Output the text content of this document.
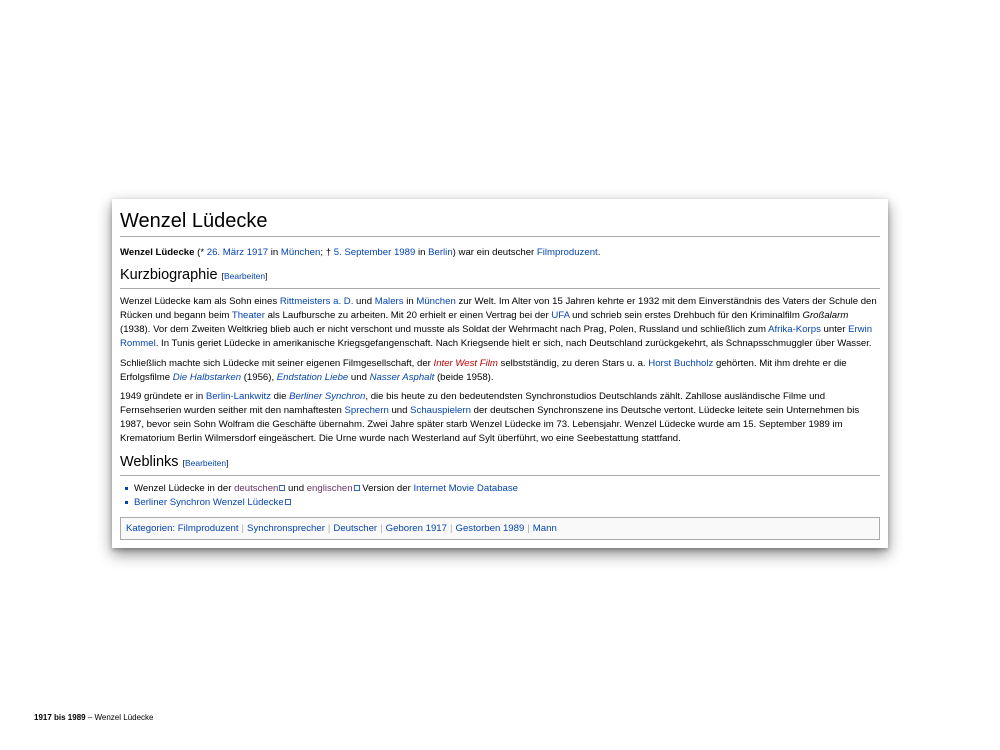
Wenzel Lüdecke
Wenzel Lüdecke (* 26. März 1917 in München; † 5. September 1989 in Berlin) war ein deutscher Filmproduzent.
Kurzbiographie [Bearbeiten]

Wenzel Lüdecke kam als Sohn eines Rittmeisters a. D. und Malers in München zur Welt. Im Alter von 15 Jahren kehrte er 1932 mit dem Einverständnis des Vaters der Schule den Rücken und begann beim Theater als Laufbursche zu arbeiten. Mit 20 erhielt er einen Vertrag bei der UFA und schrieb sein erstes Drehbuch für den Kriminalfilm Großalarm (1938). Vor dem Zweiten Weltkrieg blieb auch er nicht verschont und musste als Soldat der Wehrmacht nach Prag, Polen, Russland und schließlich zum Afrika-Korps unter Erwin Rommel. In Tunis geriet Lüdecke in amerikanische Kriegsgefangenschaft. Nach Kriegsende hielt er sich, nach Deutschland zurückgekehrt, als Schnapsschmuggler über Wasser.

Schließlich machte sich Lüdecke mit seiner eigenen Filmgesellschaft, der Inter West Film selbstständig, zu deren Stars u. a. Horst Buchholz gehörten. Mit ihm drehte er die Erfolgsfilme Die Halbstarken (1956), Endstation Liebe und Nasser Asphalt (beide 1958).

1949 gründete er in Berlin-Lankwitz die Berliner Synchron, die bis heute zu den bedeutendsten Synchronstudios Deutschlands zählt. Zahllose ausländische Filme und Fernsehserien wurden seither mit den namhaftesten Sprechern und Schauspielern der deutschen Synchronszene ins Deutsche vertont. Lüdecke leitete sein Unternehmen bis 1987, bevor sein Sohn Wolfram die Geschäfte übernahm. Zwei Jahre später starb Wenzel Lüdecke im 73. Lebensjahr. Wenzel Lüdecke wurde am 15. September 1989 im Krematorium Berlin Wilmersdorf eingeäschert. Die Urne wurde nach Westerland auf Sylt überführt, wo eine Seebestattung stattfand.

Weblinks [Bearbeiten]
Wenzel Lüdecke in der deutschen und englischen Version der Internet Movie Database
Berliner Synchron Wenzel Lüdecke
Kategorien: Filmproduzent | Synchronsprecher | Deutscher | Geboren 1917 | Gestorben 1989 | Mann
1917 bis 1989 – Wenzel Lüdecke
